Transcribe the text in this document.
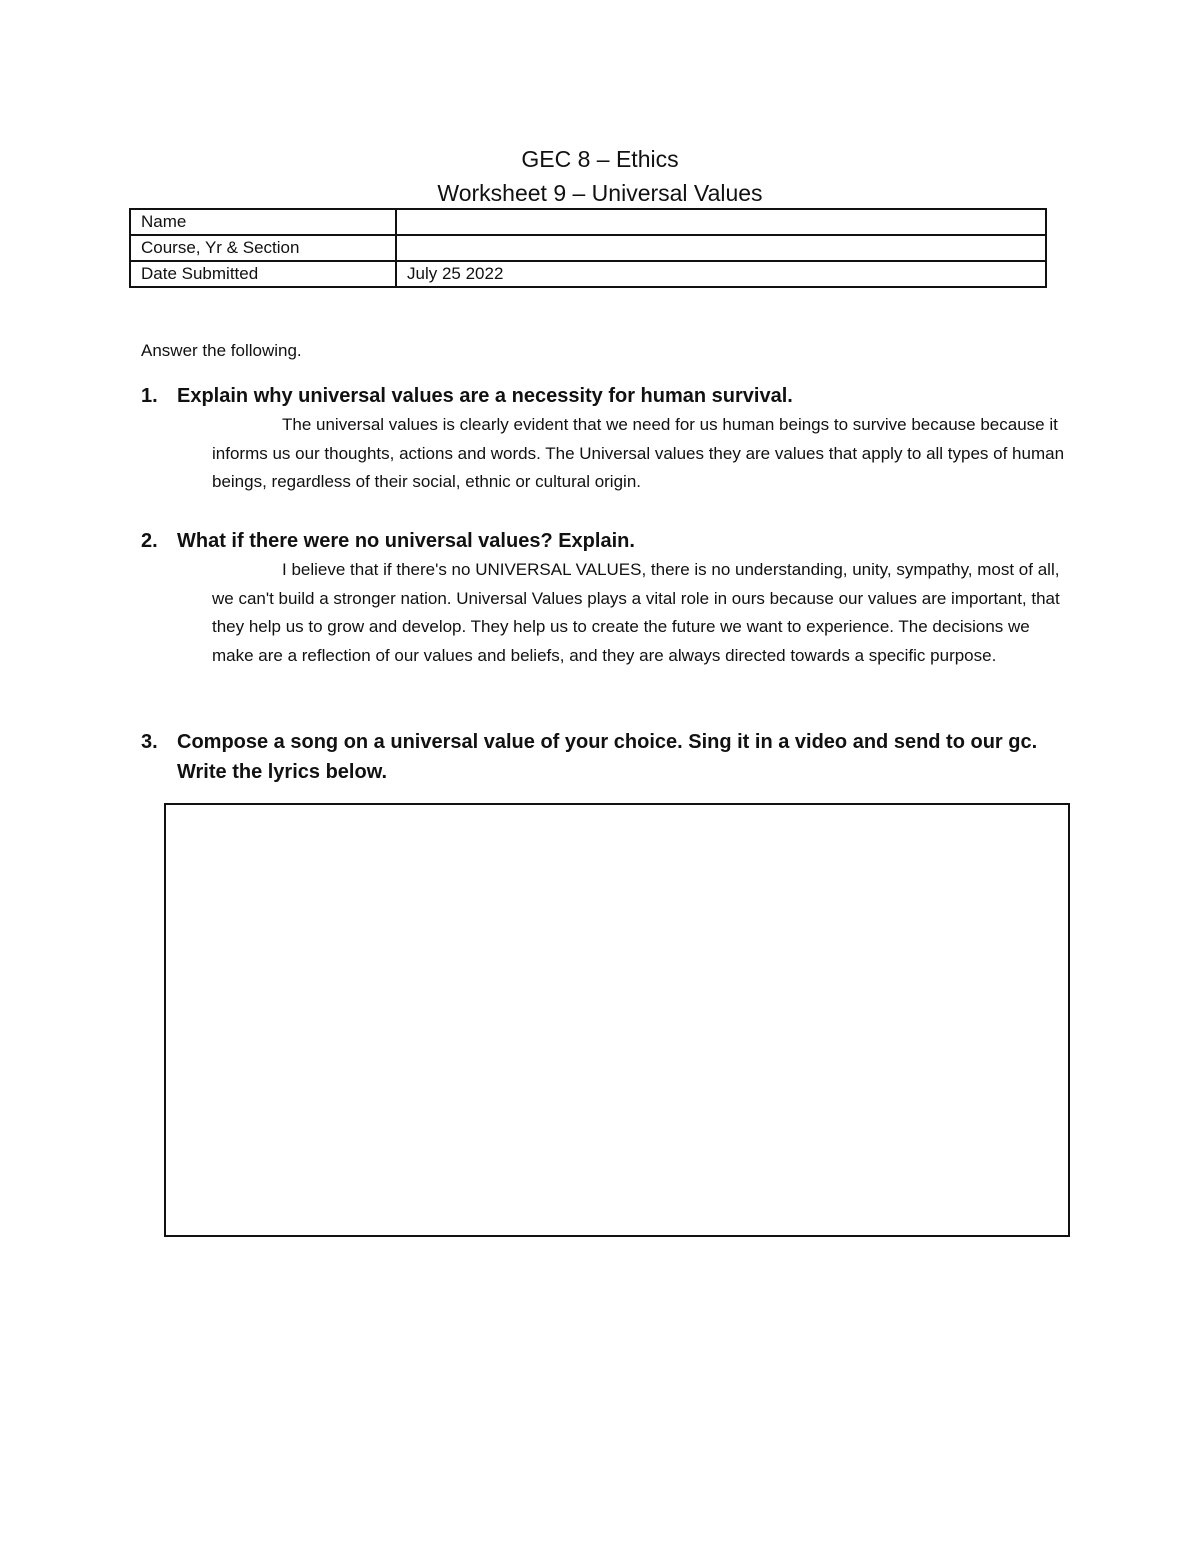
GEC 8 – Ethics
Worksheet 9 – Universal Values
Name	
Course, Yr & Section	
Date Submitted	July 25 2022
Answer the following.
1. Explain why universal values are a necessity for human survival.

The universal values is clearly evident that we need for us human beings to survive because because it informs us our thoughts, actions and words. The Universal values they are values that apply to all types of human beings, regardless of their social, ethnic or cultural origin.

2. What if there were no universal values? Explain.

I believe that if there's no UNIVERSAL VALUES, there is no understanding, unity, sympathy, most of all, we can't build a stronger nation. Universal Values plays a vital role in ours because our values are important, that they help us to grow and develop. They help us to create the future we want to experience. The decisions we make are a reflection of our values and beliefs, and they are always directed towards a specific purpose.

3. Compose a song on a universal value of your choice. Sing it in a video and send to our gc. Write the lyrics below.
